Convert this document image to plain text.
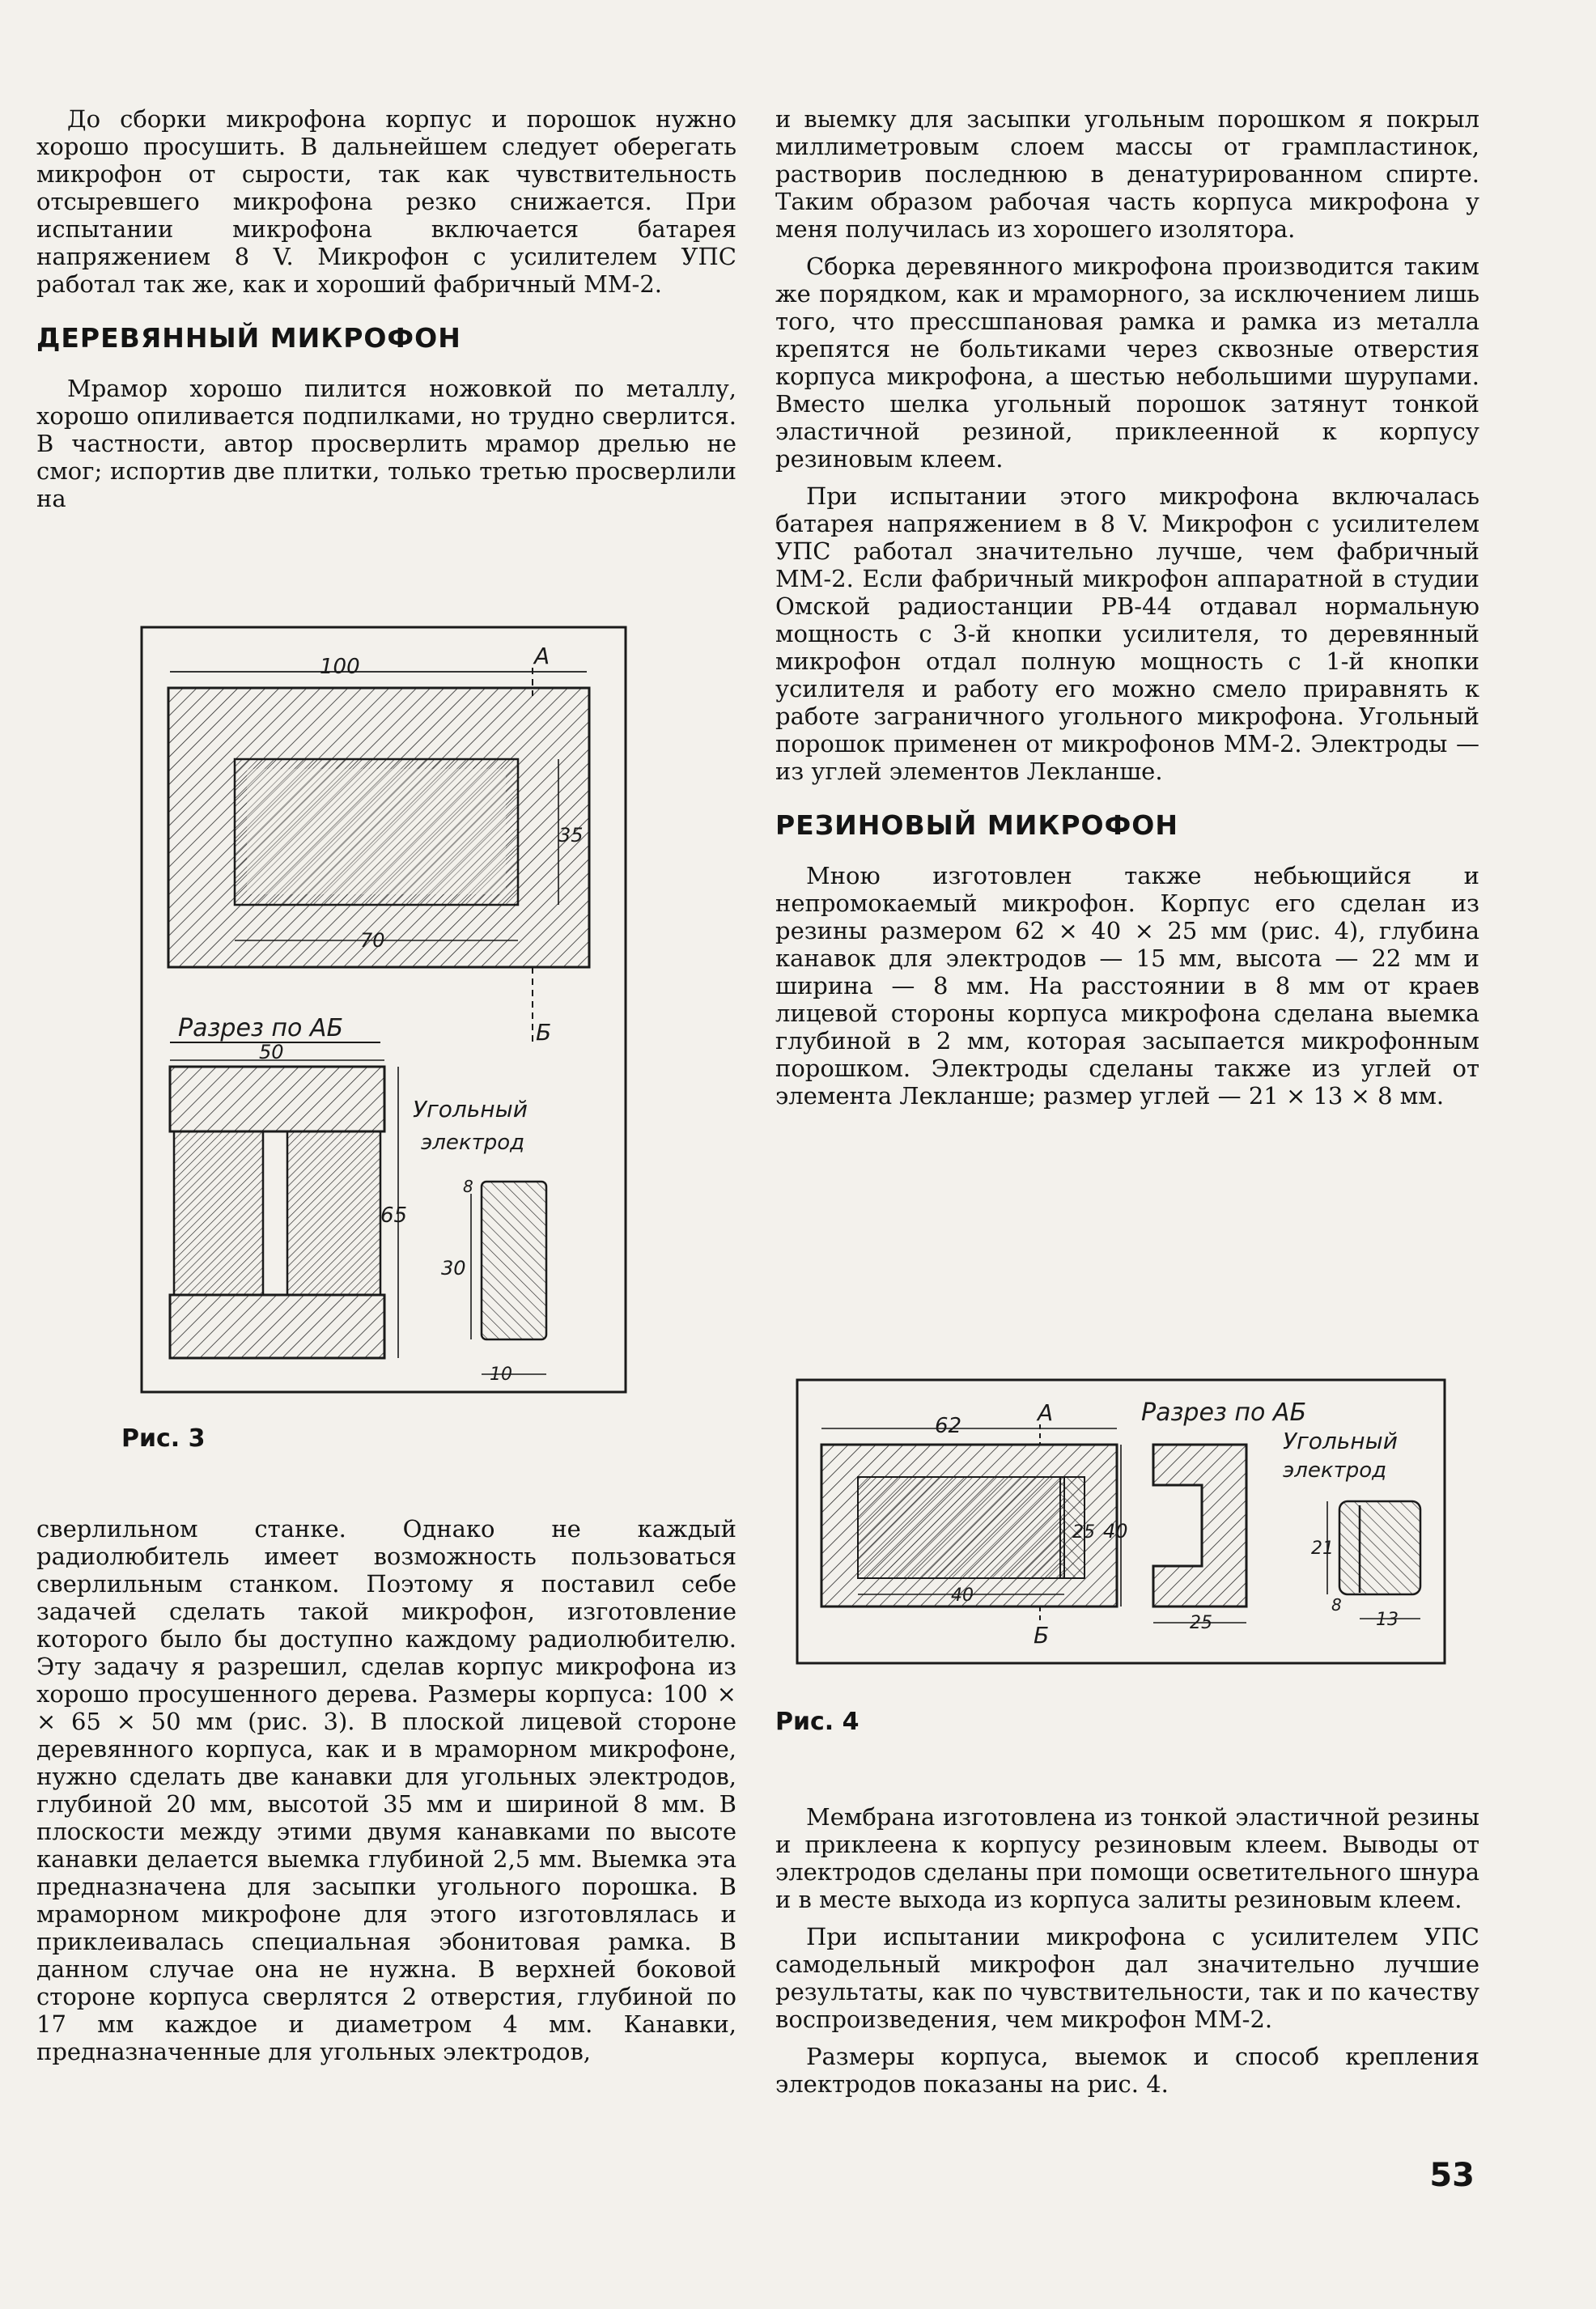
До сборки микрофона корпус и порошок нужно хорошо просушить. В дальнейшем следует оберегать микрофон от сырости, так как чувствительность отсыревшего микрофона резко снижается. При испытании микрофона включается батарея напряжением 8 V. Микрофон с усилителем УПС работал так же, как и хороший фабричный ММ-2.

ДЕРЕВЯННЫЙ МИКРОФОН

Мрамор хорошо пилится ножовкой по металлу, хорошо опиливается подпилками, но трудно сверлится. В частности, автор просверлить мрамор дрелью не смог; испортив две плитки, только третью просверлили на

100	А
35
70
Б
Разрез по АБ
50
65
Угольный
электрод
8
30
10
Рис. 3

сверлильном станке. Однако не каждый радиолюбитель имеет возможность пользоваться сверлильным станком. Поэтому я поставил себе задачей сделать такой микрофон, изготовление которого было бы доступно каждому радиолюбителю. Эту задачу я разрешил, сделав корпус микрофона из хорошо просушенного дерева. Размеры корпуса: 100 × × 65 × 50 мм (рис. 3). В плоской лицевой стороне деревянного корпуса, как и в мраморном микрофоне, нужно сделать две канавки для угольных электродов, глубиной 20 мм, высотой 35 мм и шириной 8 мм. В плоскости между этими двумя канавками по высоте канавки делается выемка глубиной 2,5 мм. Выемка эта предназначена для засыпки угольного порошка. В мраморном микрофоне для этого изготовлялась и приклеивалась специальная эбонитовая рамка. В данном случае она не нужна. В верхней боковой стороне корпуса сверлятся 2 отверстия, глубиной по 17 мм каждое и диаметром 4 мм. Канавки, предназначенные для угольных электродов,

и выемку для засыпки угольным порошком я покрыл миллиметровым слоем массы от грампластинок, растворив последнюю в денатурированном спирте. Таким образом рабочая часть корпуса микрофона у меня получилась из хорошего изолятора.

Сборка деревянного микрофона производится таким же порядком, как и мраморного, за исключением лишь того, что прессшпановая рамка и рамка из металла крепятся не больтиками через сквозные отверстия корпуса микрофона, а шестью небольшими шурупами. Вместо шелка угольный порошок затянут тонкой эластичной резиной, приклеенной к корпусу резиновым клеем.

При испытании этого микрофона включалась батарея напряжением в 8 V. Микрофон с усилителем УПС работал значительно лучше, чем фабричный ММ-2. Если фабричный микрофон аппаратной в студии Омской радиостанции РВ-44 отдавал нормальную мощность с 3-й кнопки усилителя, то деревянный микрофон отдал полную мощность с 1-й кнопки усилителя и работу его можно смело приравнять к работе заграничного угольного микрофона. Угольный порошок применен от микрофонов ММ-2. Электроды — из углей элементов Лекланше.

РЕЗИНОВЫЙ МИКРОФОН

Мною изготовлен также небьющийся и непромокаемый микрофон. Корпус его сделан из резины размером 62 × 40 × 25 мм (рис. 4), глубина канавок для электродов — 15 мм, высота — 22 мм и ширина — 8 мм. На расстоянии в 8 мм от краев лицевой стороны корпуса микрофона сделана выемка глубиной в 2 мм, которая засыпается микрофонным порошком. Электроды сделаны также из углей от элемента Лекланше; размер углей — 21 × 13 × 8 мм.

62	А
25 40
40
Б
Разрез по АБ
25
Угольный
электрод
21
8
13
Рис. 4

Мембрана изготовлена из тонкой эластичной резины и приклеена к корпусу резиновым клеем. Выводы от электродов сделаны при помощи осветительного шнура и в месте выхода из корпуса залиты резиновым клеем.

При испытании микрофона с усилителем УПС самодельный микрофон дал значительно лучшие результаты, как по чувствительности, так и по качеству воспроизведения, чем микрофон ММ-2.

Размеры корпуса, выемок и способ крепления электродов показаны на рис. 4.

53
